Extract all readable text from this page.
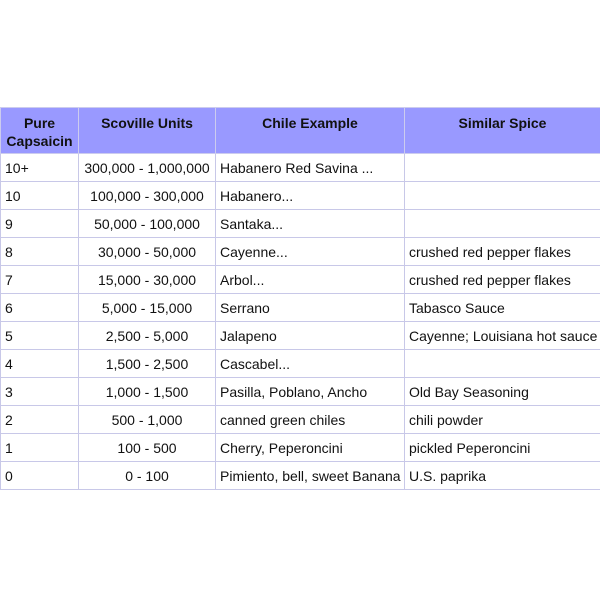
Pure Capsaicin	Scoville Units	Chile Example	Similar Spice
10+	300,000 - 1,000,000	Habanero Red Savina ...	
10	100,000 - 300,000	Habanero...	
9	50,000 - 100,000	Santaka...	
8	30,000 - 50,000	Cayenne...	crushed red pepper flakes
7	15,000 - 30,000	Arbol...	crushed red pepper flakes
6	5,000 - 15,000	Serrano	Tabasco Sauce
5	2,500 - 5,000	Jalapeno	Cayenne; Louisiana hot sauce
4	1,500 - 2,500	Cascabel...	
3	1,000 - 1,500	Pasilla, Poblano, Ancho	Old Bay Seasoning
2	500 - 1,000	canned green chiles	chili powder
1	100 - 500	Cherry, Peperoncini	pickled Peperoncini
0	0 - 100	Pimiento, bell, sweet Banana	U.S. paprika
